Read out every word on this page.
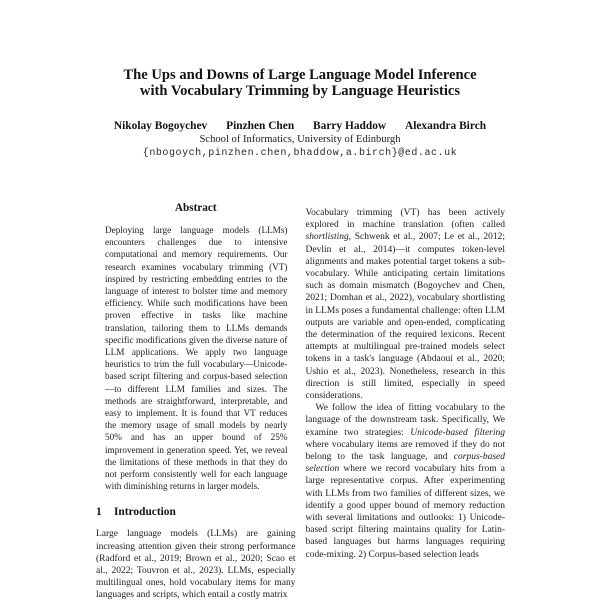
The Ups and Downs of Large Language Model Inference
with Vocabulary Trimming by Language Heuristics
Nikolay Bogoychev Pinzhen Chen Barry Haddow Alexandra Birch
School of Informatics, University of Edinburgh
{nbogoych,pinzhen.chen,bhaddow,a.birch}@ed.ac.uk
Abstract

Deploying large language models (LLMs) encounters challenges due to intensive computational and memory requirements. Our research examines vocabulary trimming (VT) inspired by restricting embedding entries to the language of interest to bolster time and memory efficiency. While such modifications have been proven effective in tasks like machine translation, tailoring them to LLMs demands specific modifications given the diverse nature of LLM applications. We apply two language heuristics to trim the full vocabulary—Unicode-based script filtering and corpus-based selection—to different LLM families and sizes. The methods are straightforward, interpretable, and easy to implement. It is found that VT reduces the memory usage of small models by nearly 50% and has an upper bound of 25% improvement in generation speed. Yet, we reveal the limitations of these methods in that they do not perform consistently well for each language with diminishing returns in larger models.

1 Introduction

Large language models (LLMs) are gaining increasing attention given their strong performance (Radford et al., 2019; Brown et al., 2020; Scao et al., 2022; Touvron et al., 2023). LLMs, especially multilingual ones, hold vocabulary items for many languages and scripts, which entail a costly matrix

Vocabulary trimming (VT) has been actively explored in machine translation (often called shortlisting, Schwenk et al., 2007; Le et al., 2012; Devlin et al., 2014)—it computes token-level alignments and makes potential target tokens a sub-vocabulary. While anticipating certain limitations such as domain mismatch (Bogoychev and Chen, 2021; Domhan et al., 2022), vocabulary shortlisting in LLMs poses a fundamental challenge: often LLM outputs are variable and open-ended, complicating the determination of the required lexicons. Recent attempts at multilingual pre-trained models select tokens in a task's language (Abdaoui et al., 2020; Ushio et al., 2023). Nonetheless, research in this direction is still limited, especially in speed considerations.

We follow the idea of fitting vocabulary to the language of the downstream task. Specifically, We examine two strategies: Unicode-based filtering where vocabulary items are removed if they do not belong to the task language, and corpus-based selection where we record vocabulary hits from a large representative corpus. After experimenting with LLMs from two families of different sizes, we identify a good upper bound of memory reduction with several limitations and outlooks: 1) Unicode-based script filtering maintains quality for Latin-based languages but harms languages requiring code-mixing. 2) Corpus-based selection leads
